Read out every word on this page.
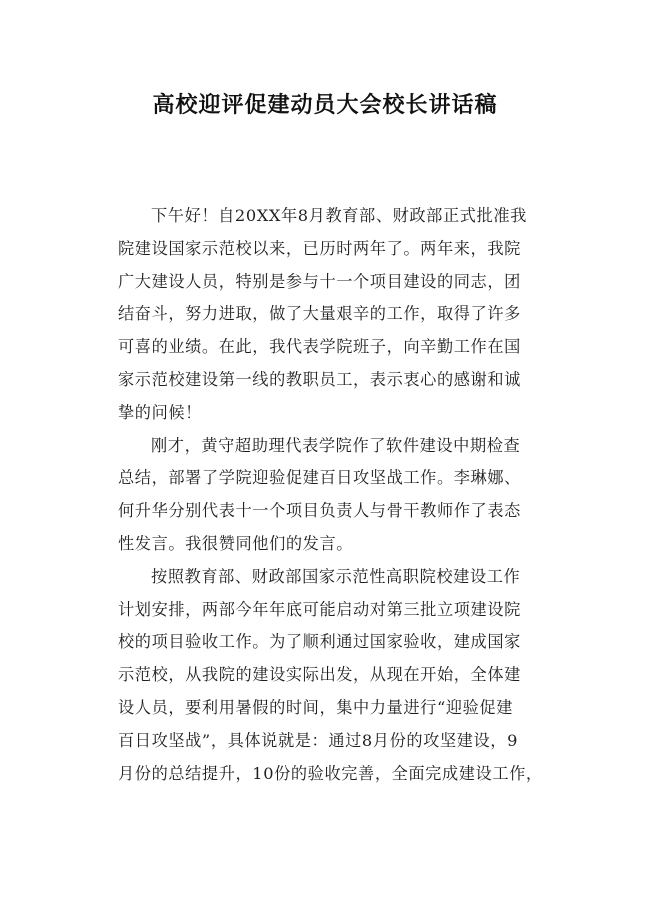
高校迎评促建动员大会校长讲话稿

下午好！自20XX年8月教育部、财政部正式批准我
院建设国家示范校以来，已历时两年了。两年来，我院
广大建设人员，特别是参与十一个项目建设的同志，团
结奋斗，努力进取，做了大量艰辛的工作，取得了许多
可喜的业绩。在此，我代表学院班子，向辛勤工作在国
家示范校建设第一线的教职员工，表示衷心的感谢和诚
挚的问候！

刚才，黄守超助理代表学院作了软件建设中期检查
总结，部署了学院迎验促建百日攻坚战工作。李琳娜、
何升华分别代表十一个项目负责人与骨干教师作了表态
性发言。我很赞同他们的发言。

按照教育部、财政部国家示范性高职院校建设工作
计划安排，两部今年年底可能启动对第三批立项建设院
校的项目验收工作。为了顺利通过国家验收，建成国家
示范校，从我院的建设实际出发，从现在开始，全体建
设人员，要利用暑假的时间，集中力量进行“迎验促建
百日攻坚战”，具体说就是：通过8月份的攻坚建设，9
月份的总结提升，10份的验收完善，全面完成建设工作，
